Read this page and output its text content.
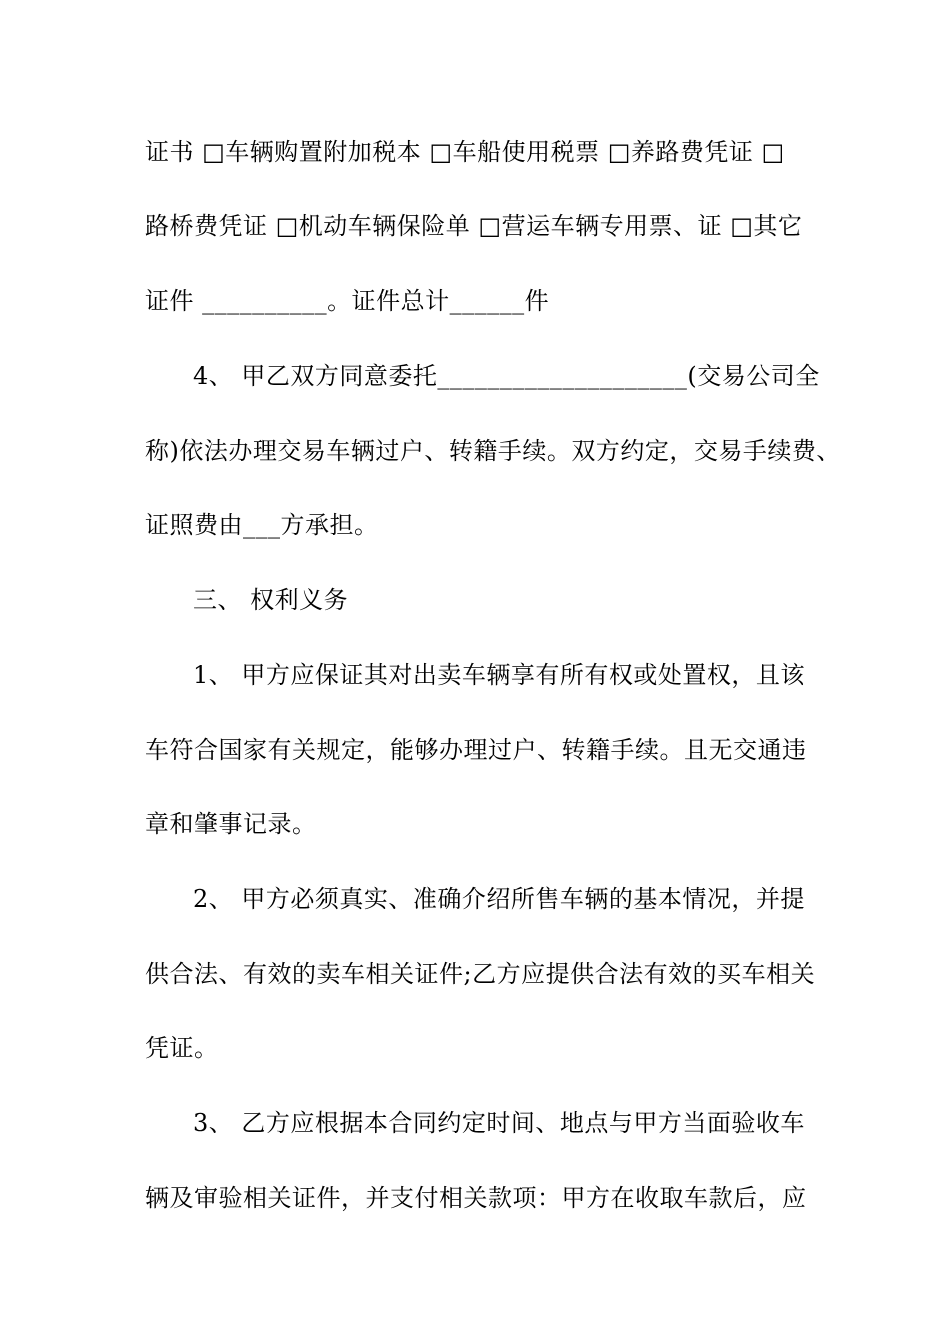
证书 □车辆购置附加税本 □车船使用税票 □养路费凭证 □
路桥费凭证 □机动车辆保险单 □营运车辆专用票、证 □其它
证件 __________。证件总计______件
4、 甲乙双方同意委托____________________(交易公司全
称)依法办理交易车辆过户、转籍手续。双方约定，交易手续费、
证照费由___方承担。
三、 权利义务
1、 甲方应保证其对出卖车辆享有所有权或处置权，且该
车符合国家有关规定，能够办理过户、转籍手续。且无交通违
章和肇事记录。
2、 甲方必须真实、准确介绍所售车辆的基本情况，并提
供合法、有效的卖车相关证件;乙方应提供合法有效的买车相关
凭证。
3、 乙方应根据本合同约定时间、地点与甲方当面验收车
辆及审验相关证件，并支付相关款项：甲方在收取车款后，应
